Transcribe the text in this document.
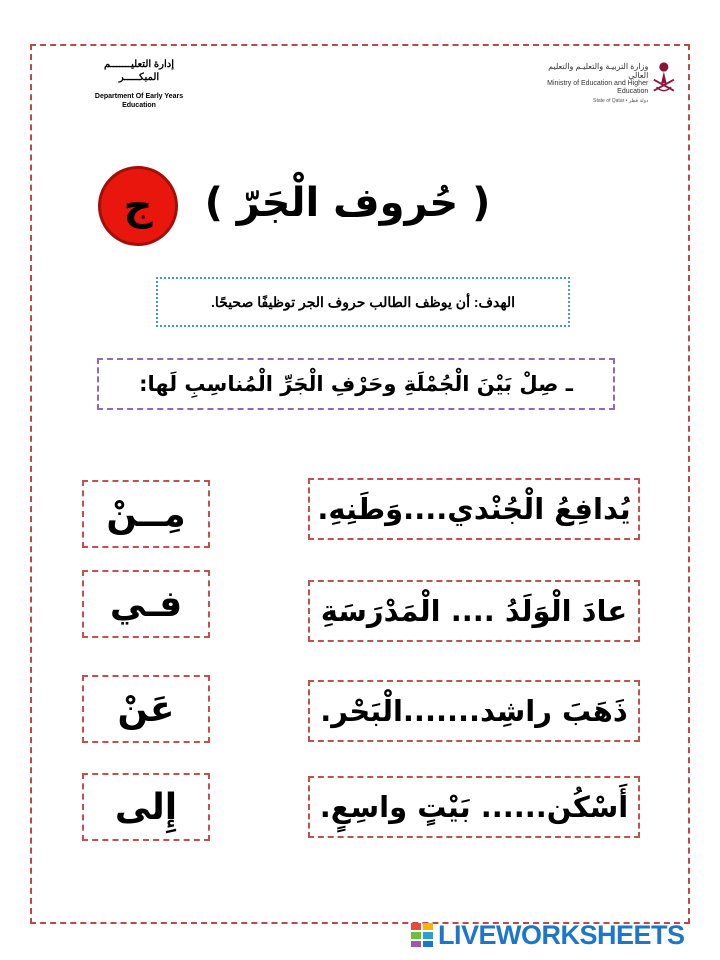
إدارة التعليـــــــم
المبكـــــر
Department Of Early Years Education
وزارة التربيـة والتعليـم والتعليم العالي
Ministry of Education and Higher Education
State of Qatar • دولة قطر
ج ( حُروف الْجَرّ )
الهدف: أن يوظف الطالب حروف الجر توظيفًا صحيحًا.
ـ صِلْ بَيْنَ الْجُمْلَةِ وحَرْفِ الْجَرِّ الْمُناسِبِ لَها:
يُدافِعُ الْجُنْدي....وَطَنِهِ.
عادَ الْوَلَدُ .... الْمَدْرَسَةِ
ذَهَبَ راشِد.......الْبَحْر.
أَسْكُن...... بَيْتٍ واسِعٍ.
مِــنْ
فـي
عَنْ
إِلى
LIVEWORKSHEETS
